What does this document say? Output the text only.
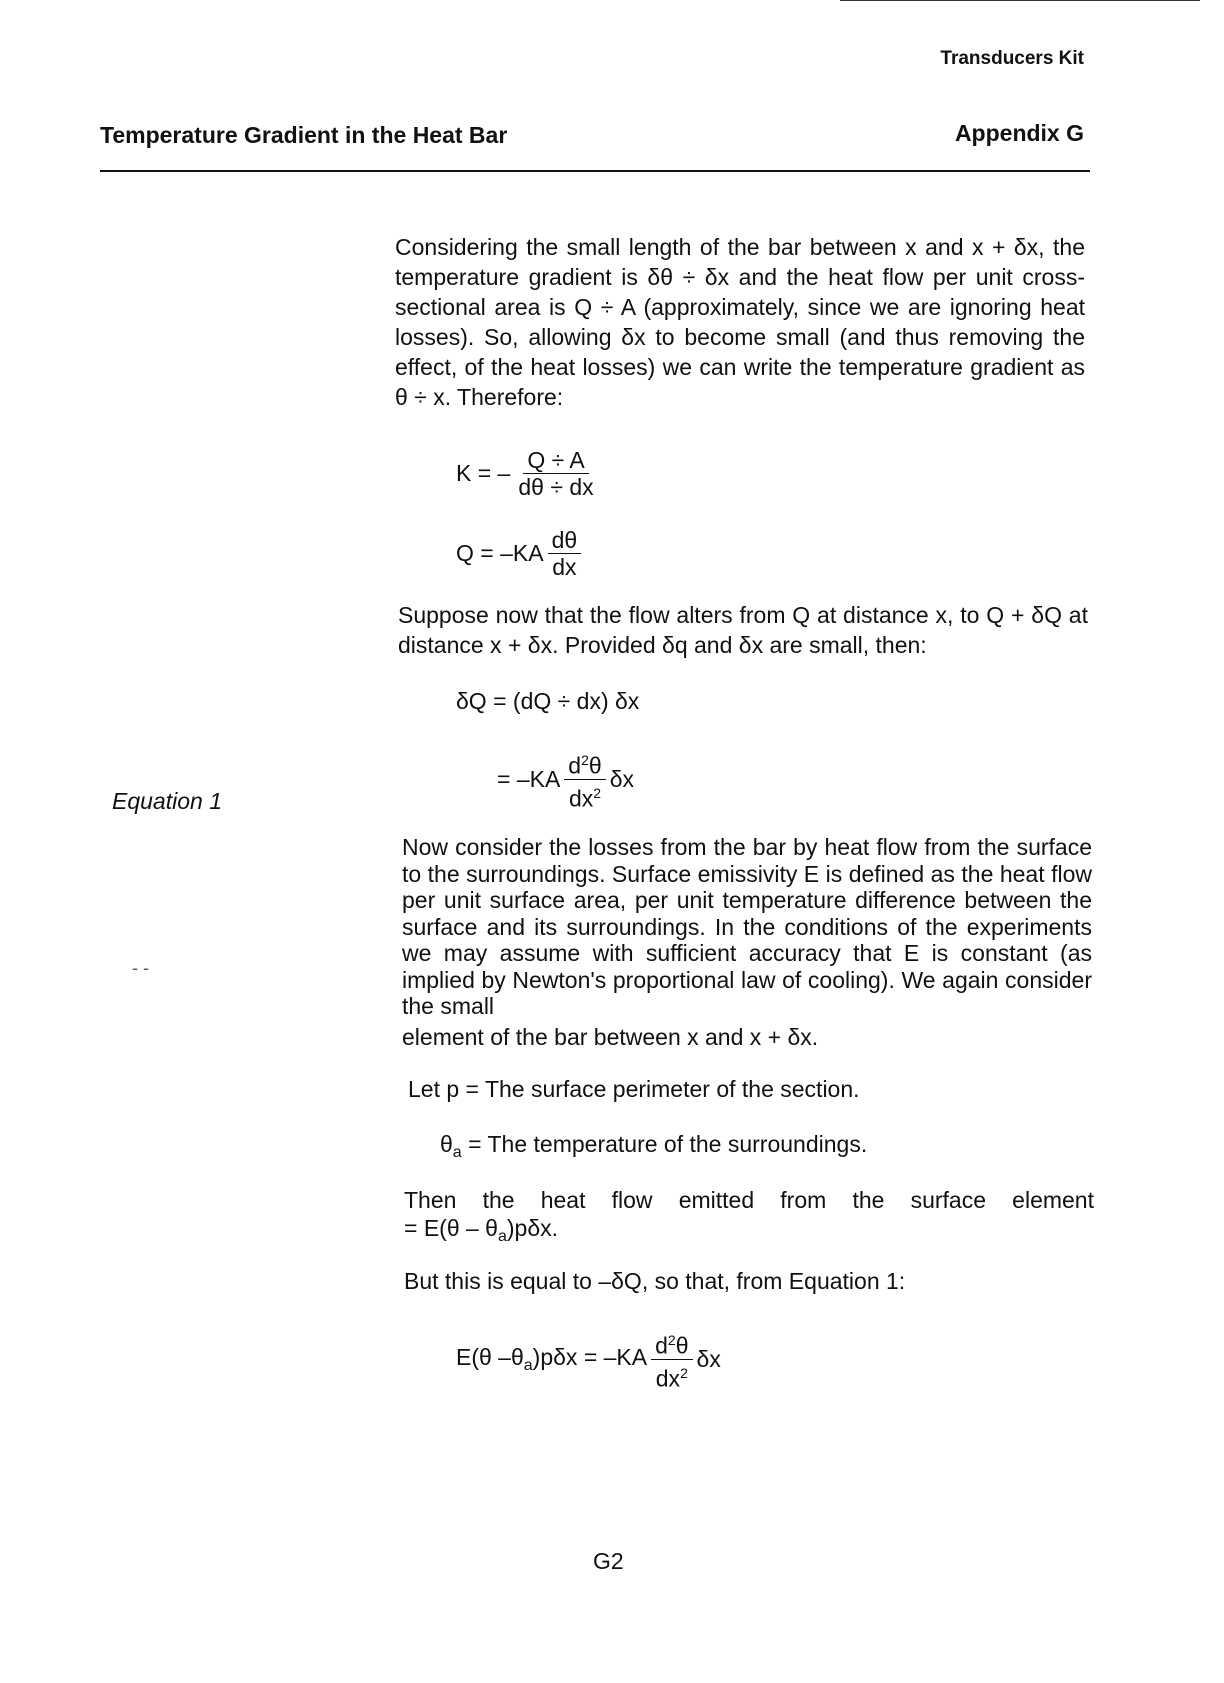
Transducers Kit
Temperature Gradient in the Heat Bar	Appendix G
Considering the small length of the bar between x and x + δx, the temperature gradient is δθ ÷ δx and the heat flow per unit cross-sectional area is Q ÷ A (approximately, since we are ignoring heat losses). So, allowing δx to become small (and thus removing the effect, of the heat losses) we can write the temperature gradient as θ ÷ x. Therefore:
K = – $\frac{Q \div A}{d\theta \div dx}$
$Q = -KA \frac{d\theta}{dx}$
Suppose now that the flow alters from Q at distance x, to Q + δQ at distance x + δx. Provided δq and δx are small, then:
δQ = (dQ ÷ dx) δx
= $-KA \frac{d^2\theta}{dx^2}$ δx
Equation 1
- -
Now consider the losses from the bar by heat flow from the surface to the surroundings. Surface emissivity E is defined as the heat flow per unit surface area, per unit temperature difference between the surface and its surroundings. In the conditions of the experiments we may assume with sufficient accuracy that E is constant (as implied by Newton's proportional law of cooling). We again consider the small
element of the bar between x and x + δx.
Let p = The surface perimeter of the section.
$\theta_a$ = The temperature of the surroundings.
Then the heat flow emitted from the surface element
= $E(\theta - \theta_a)p\delta x$.
But this is equal to –δQ, so that, from Equation 1:
E(θ $-\theta_a)p\delta x = -KA \frac{d^2\theta}{dx^2}$ δx
G2
